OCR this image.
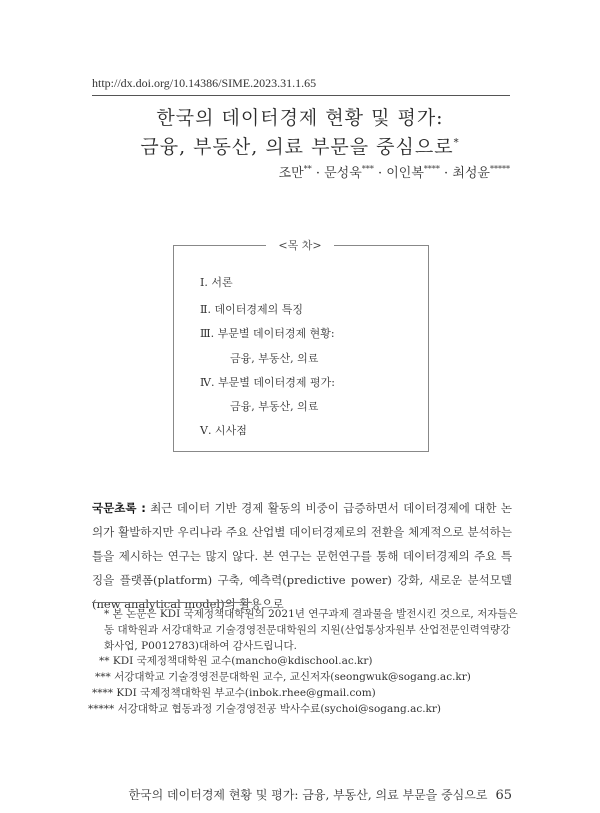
http://dx.doi.org/10.14386/SIME.2023.31.1.65
한국의 데이터경제 현황 및 평가:
금융, 부동산, 의료 부문을 중심으로*
조만** · 문성욱*** · 이인복**** · 최성윤*****
<목 차>
Ⅰ. 서론
Ⅱ. 데이터경제의 특징
Ⅲ. 부문별 데이터경제 현황:
금융, 부동산, 의료
Ⅳ. 부문별 데이터경제 평가:
금융, 부동산, 의료
Ⅴ. 시사점
국문초록 : 최근 데이터 기반 경제 활동의 비중이 급증하면서 데이터경제에 대한 논의가 활발하지만 우리나라 주요 산업별 데이터경제로의 전환을 체계적으로 분석하는 틀을 제시하는 연구는 많지 않다. 본 연구는 문헌연구를 통해 데이터경제의 주요 특징을 플랫폼(platform) 구축, 예측력(predictive power) 강화, 새로운 분석모델(new analytical model)의 활용으로
* 본 논문은 KDI 국제정책대학원의 2021년 연구과제 결과물을 발전시킨 것으로, 저자들은 동 대학원과 서강대학교 기술경영전문대학원의 지원(산업통상자원부 산업전문인력역량강화사업, P0012783)대하여 감사드립니다.
** KDI 국제정책대학원 교수(mancho@kdischool.ac.kr)
*** 서강대학교 기술경영전문대학원 교수, 교신저자(seongwuk@sogang.ac.kr)
**** KDI 국제정책대학원 부교수(inbok.rhee@gmail.com)
***** 서강대학교 협동과정 기술경영전공 박사수료(sychoi@sogang.ac.kr)
한국의 데이터경제 현황 및 평가: 금융, 부동산, 의료 부문을 중심으로 65
